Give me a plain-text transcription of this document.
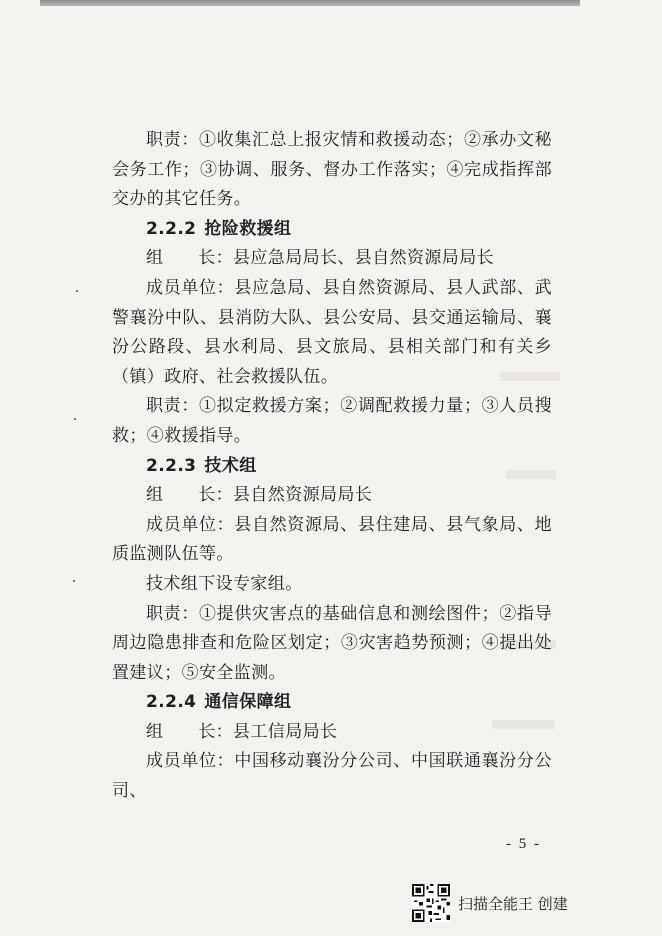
职责：①收集汇总上报灾情和救援动态；②承办文秘会务工作；③协调、服务、督办工作落实；④完成指挥部交办的其它任务。

2.2.2 抢险救援组

组　　长：县应急局局长、县自然资源局局长

成员单位：县应急局、县自然资源局、县人武部、武警襄汾中队、县消防大队、县公安局、县交通运输局、襄汾公路段、县水利局、县文旅局、县相关部门和有关乡（镇）政府、社会救援队伍。

职责：①拟定救援方案；②调配救援力量；③人员搜救；④救援指导。

2.2.3 技术组

组　　长：县自然资源局局长

成员单位：县自然资源局、县住建局、县气象局、地质监测队伍等。

技术组下设专家组。

职责：①提供灾害点的基础信息和测绘图件；②指导周边隐患排查和危险区划定；③灾害趋势预测；④提出处置建议；⑤安全监测。

2.2.4 通信保障组

组　　长：县工信局局长

成员单位：中国移动襄汾分公司、中国联通襄汾分公司、

- 5 -
扫描全能王 创建
